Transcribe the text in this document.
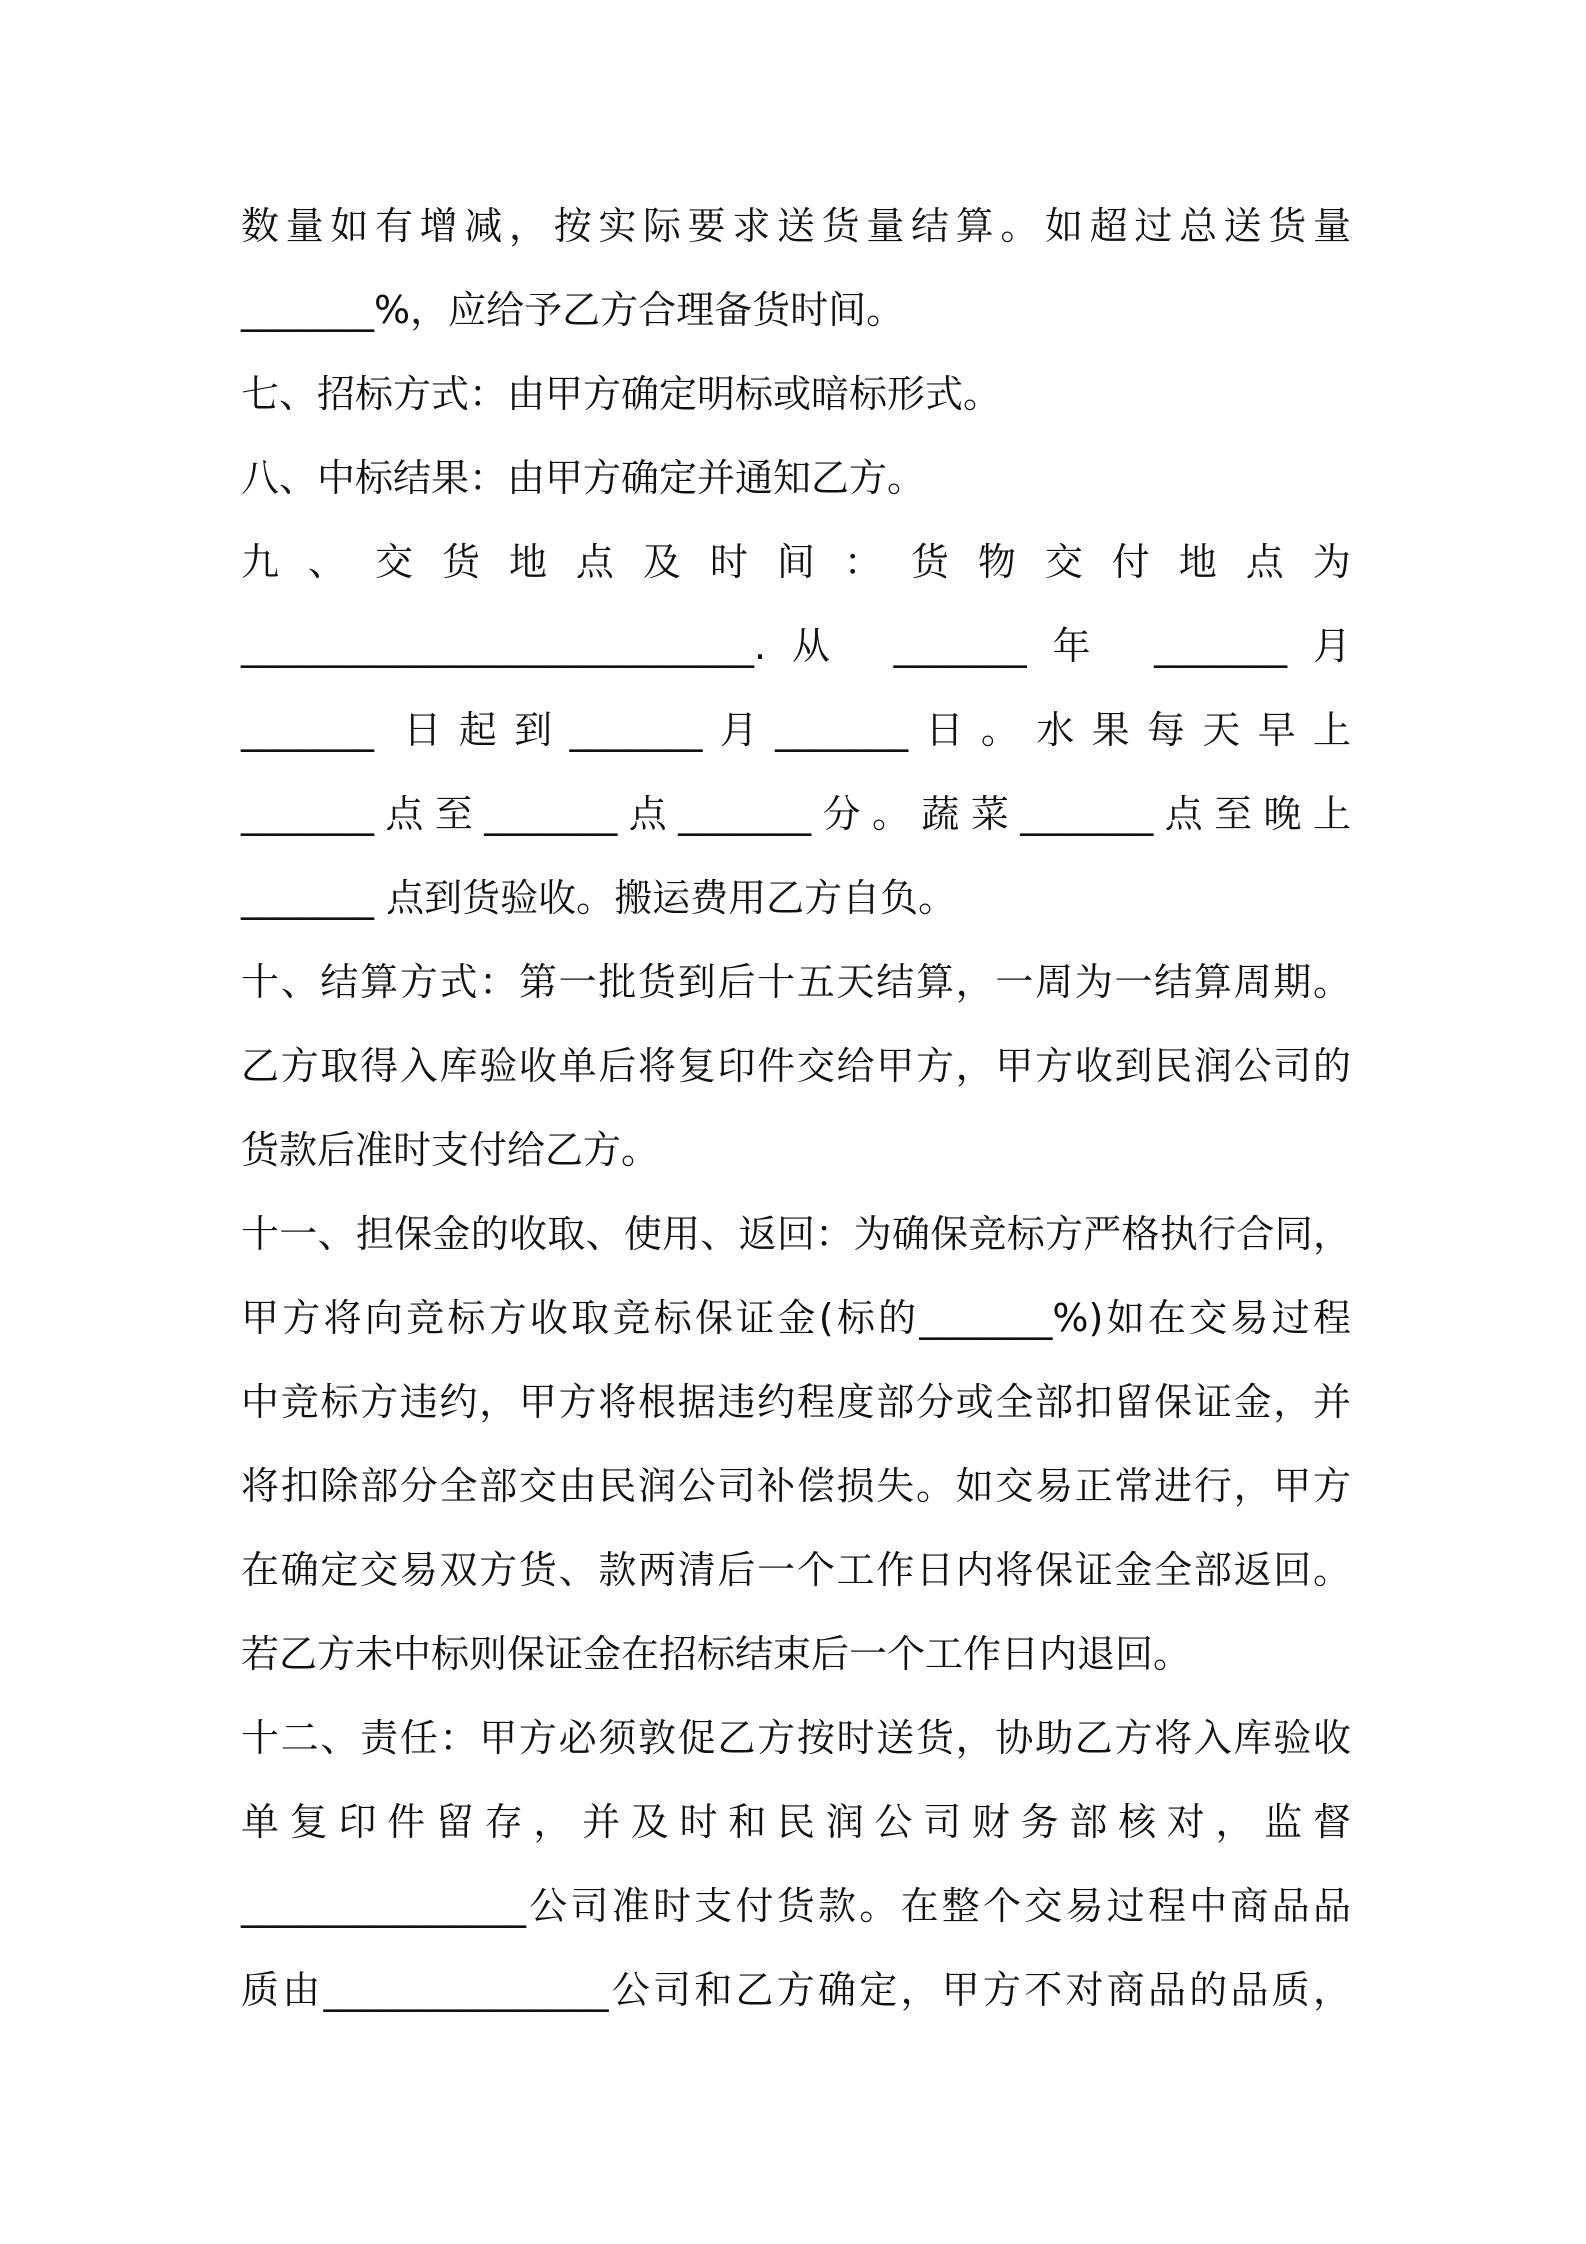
数量如有增减，按实际要求送货量结算。如超过总送货量
_______%，应给予乙方合理备货时间。
七、招标方式：由甲方确定明标或暗标形式。
八、中标结果：由甲方确定并通知乙方。
九 、 交 货 地 点 及 时 间 ： 货 物 交 付 地 点 为
___________________________.从 _______年 _______月
_______ 日起到_______月_______日。水果每天早上
_______点至_______点_______分。蔬菜_______点至晚上
_______ 点到货验收。搬运费用乙方自负。
十、结算方式：第一批货到后十五天结算，一周为一结算周期。
乙方取得入库验收单后将复印件交给甲方，甲方收到民润公司的
货款后准时支付给乙方。
十一、担保金的收取、使用、返回：为确保竞标方严格执行合同，
甲方将向竞标方收取竞标保证金(标的_______%)如在交易过程
中竞标方违约，甲方将根据违约程度部分或全部扣留保证金，并
将扣除部分全部交由民润公司补偿损失。如交易正常进行，甲方
在确定交易双方货、款两清后一个工作日内将保证金全部返回。
若乙方未中标则保证金在招标结束后一个工作日内退回。
十二、责任：甲方必须敦促乙方按时送货，协助乙方将入库验收
单复印件留存，并及时和民润公司财务部核对，监督
_______________公司准时支付货款。在整个交易过程中商品品
质由_______________公司和乙方确定，甲方不对商品的品质，
